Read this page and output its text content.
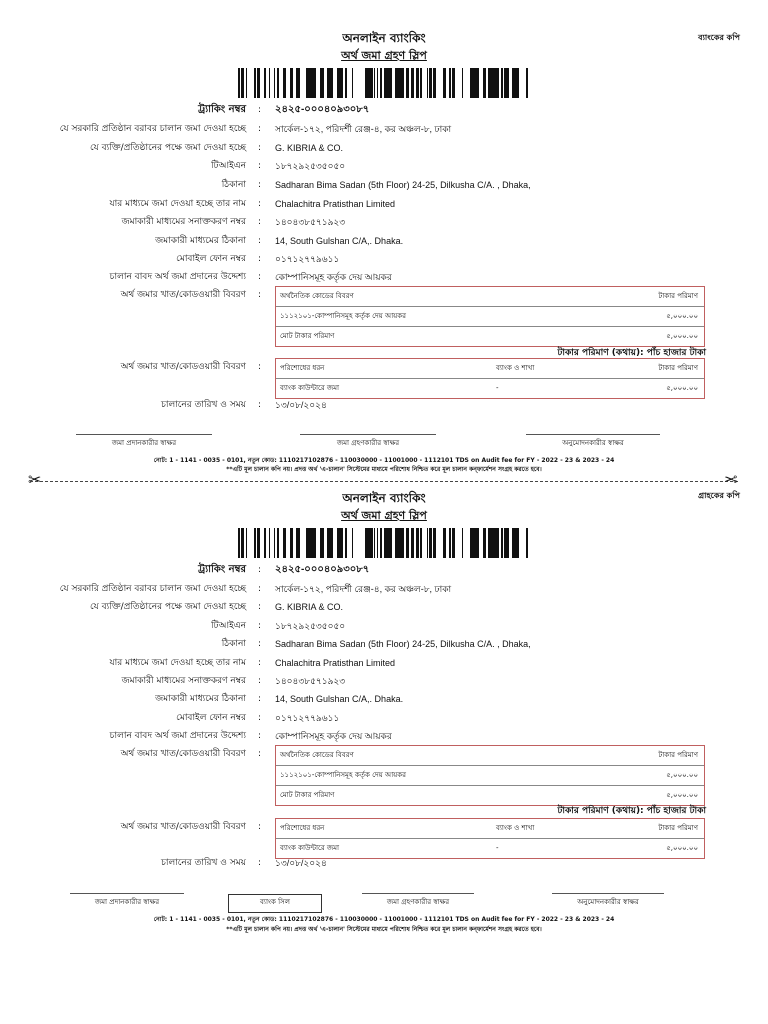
ব্যাংকের কপি
অনলাইন ব্যাংকিং
অর্থ জমা গ্রহণ স্লিপ
ট্র্যাকিং নম্বর : ২৪২৫-০০০৪০৯৩০৮৭
যে সরকারি প্রতিষ্ঠান বরাবর চালান জমা দেওয়া হচ্ছে : সার্কেল-১৭২, পরিদর্শী রেঞ্জ-৪, কর অঞ্চল-৮, ঢাকা
যে ব্যক্তি/প্রতিষ্ঠানের পক্ষে জমা দেওয়া হচ্ছে : G. KIBRIA & CO.
টিআইএন : ১৮৭২৯২৫৩৫০৫০
ঠিকানা : Sadharan Bima Sadan (5th Floor) 24-25, Dilkusha C/A. , Dhaka,
যার মাধ্যমে জমা দেওয়া হচ্ছে তার নাম : Chalachitra Pratisthan Limited
জমাকারী মাধ্যমের সনাক্তকরণ নম্বর : ১৪০৪৩৮৫৭১৯২৩
জমাকারী মাধ্যমের ঠিকানা : 14, South Gulshan C/A,. Dhaka.
মোবাইল ফোন নম্বর : ০১৭১২৭৭৯৬১১
চালান বাবদ অর্থ জমা প্রদানের উদ্দেশ্য : কোম্পানিসমূহ কর্তৃক দেয় আয়কর
অর্থ জমার খাত/কোডওয়ারী বিবরণ :	অর্থনৈতিক কোডের বিবরণ	টাকার পরিমাণ
১১১২১০১-কোম্পানিসমূহ কর্তৃক দেয় আয়কর	৫,০০০.০০
মোট টাকার পরিমাণ	৫,০০০.০০
টাকার পরিমাণ (কথায়): পাঁচ হাজার টাকা
অর্থ জমার খাত/কোডওয়ারী বিবরণ :	পরিশোধের ধরন	ব্যাংক ও শাখা	টাকার পরিমাণ
ব্যাংক কাউন্টারে জমা	-	৫,০০০.০০
চালানের তারিখ ও সময় : ১৩/০৮/২০২৪
জমা প্রদানকারীর স্বাক্ষর	জমা গ্রহণকারীর স্বাক্ষর	অনুমোদনকারীর স্বাক্ষর
নোট: 1 - 1141 - 0035 - 0101, নতুন কোড: 1110217102876 - 110030000 - 11001000 - 1112101 TDS on Audit fee for FY - 2022 - 23 & 2023 - 24
**এটি মূল চালান কপি নয়। প্রদত্ত অর্থ 'এ-চালান' সিস্টেমের মাধ্যমে পরিশোধ নিশ্চিত করে মূল চালান কন্ফার্মেশন সংগ্রহ করতে হবে।
✂	✂
গ্রাহকের কপি
অনলাইন ব্যাংকিং
অর্থ জমা গ্রহণ স্লিপ
ট্র্যাকিং নম্বর : ২৪২৫-০০০৪০৯৩০৮৭
যে সরকারি প্রতিষ্ঠান বরাবর চালান জমা দেওয়া হচ্ছে : সার্কেল-১৭২, পরিদর্শী রেঞ্জ-৪, কর অঞ্চল-৮, ঢাকা
যে ব্যক্তি/প্রতিষ্ঠানের পক্ষে জমা দেওয়া হচ্ছে : G. KIBRIA & CO.
টিআইএন : ১৮৭২৯২৫৩৫০৫০
ঠিকানা : Sadharan Bima Sadan (5th Floor) 24-25, Dilkusha C/A. , Dhaka,
যার মাধ্যমে জমা দেওয়া হচ্ছে তার নাম : Chalachitra Pratisthan Limited
জমাকারী মাধ্যমের সনাক্তকরণ নম্বর : ১৪০৪৩৮৫৭১৯২৩
জমাকারী মাধ্যমের ঠিকানা : 14, South Gulshan C/A,. Dhaka.
মোবাইল ফোন নম্বর : ০১৭১২৭৭৯৬১১
চালান বাবদ অর্থ জমা প্রদানের উদ্দেশ্য : কোম্পানিসমূহ কর্তৃক দেয় আয়কর
অর্থ জমার খাত/কোডওয়ারী বিবরণ :	অর্থনৈতিক কোডের বিবরণ	টাকার পরিমাণ
১১১২১০১-কোম্পানিসমূহ কর্তৃক দেয় আয়কর	৫,০০০.০০
মোট টাকার পরিমাণ	৫,০০০.০০
টাকার পরিমাণ (কথায়): পাঁচ হাজার টাকা
অর্থ জমার খাত/কোডওয়ারী বিবরণ :	পরিশোধের ধরন	ব্যাংক ও শাখা	টাকার পরিমাণ
ব্যাংক কাউন্টারে জমা	-	৫,০০০.০০
চালানের তারিখ ও সময় : ১৩/০৮/২০২৪
জমা প্রদানকারীর স্বাক্ষর	ব্যাংক সিল	জমা গ্রহণকারীর স্বাক্ষর	অনুমোদনকারীর স্বাক্ষর
নোট: 1 - 1141 - 0035 - 0101, নতুন কোড: 1110217102876 - 110030000 - 11001000 - 1112101 TDS on Audit fee for FY - 2022 - 23 & 2023 - 24
**এটি মূল চালান কপি নয়। প্রদত্ত অর্থ 'এ-চালান' সিস্টেমের মাধ্যমে পরিশোধ নিশ্চিত করে মূল চালান কন্ফার্মেশন সংগ্রহ করতে হবে।
